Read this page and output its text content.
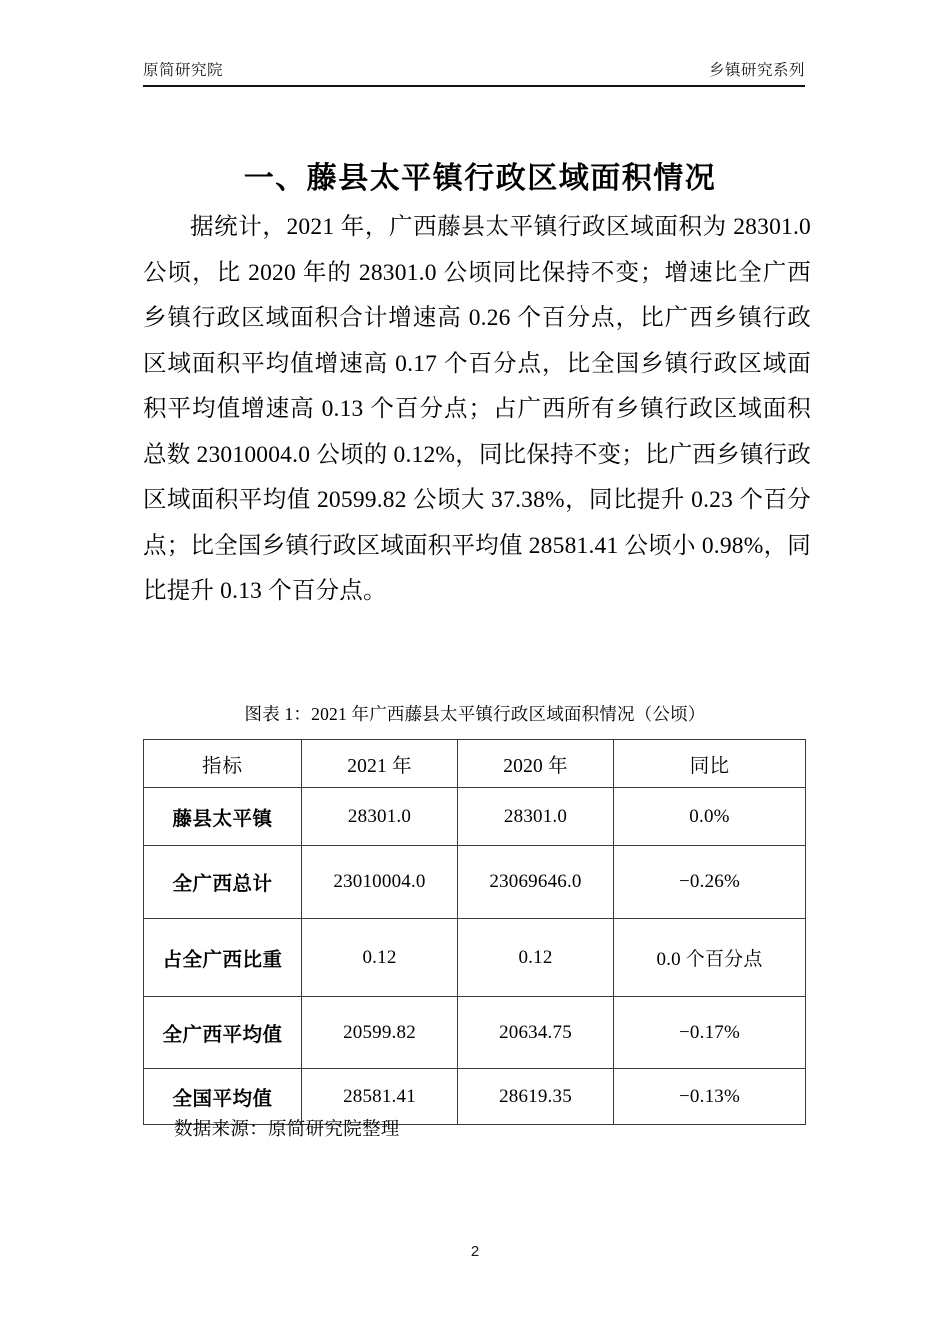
原简研究院	乡镇研究系列
一、藤县太平镇行政区域面积情况

据统计，2021 年，广西藤县太平镇行政区域面积为 28301.0 公顷，比 2020 年的 28301.0 公顷同比保持不变；增速比全广西乡镇行政区域面积合计增速高 0.26 个百分点，比广西乡镇行政区域面积平均值增速高 0.17 个百分点，比全国乡镇行政区域面积平均值增速高 0.13 个百分点；占广西所有乡镇行政区域面积总数 23010004.0 公顷的 0.12%，同比保持不变；比广西乡镇行政区域面积平均值 20599.82 公顷大 37.38%，同比提升 0.23 个百分点；比全国乡镇行政区域面积平均值 28581.41 公顷小 0.98%，同比提升 0.13 个百分点。

图表 1：2021 年广西藤县太平镇行政区域面积情况（公顷）
指标	2021 年	2020 年	同比
藤县太平镇	28301.0	28301.0	0.0%
全广西总计	23010004.0	23069646.0	−0.26%
占全广西比重	0.12	0.12	0.0 个百分点
全广西平均值	20599.82	20634.75	−0.17%
全国平均值	28581.41	28619.35	−0.13%
数据来源：原简研究院整理
2
